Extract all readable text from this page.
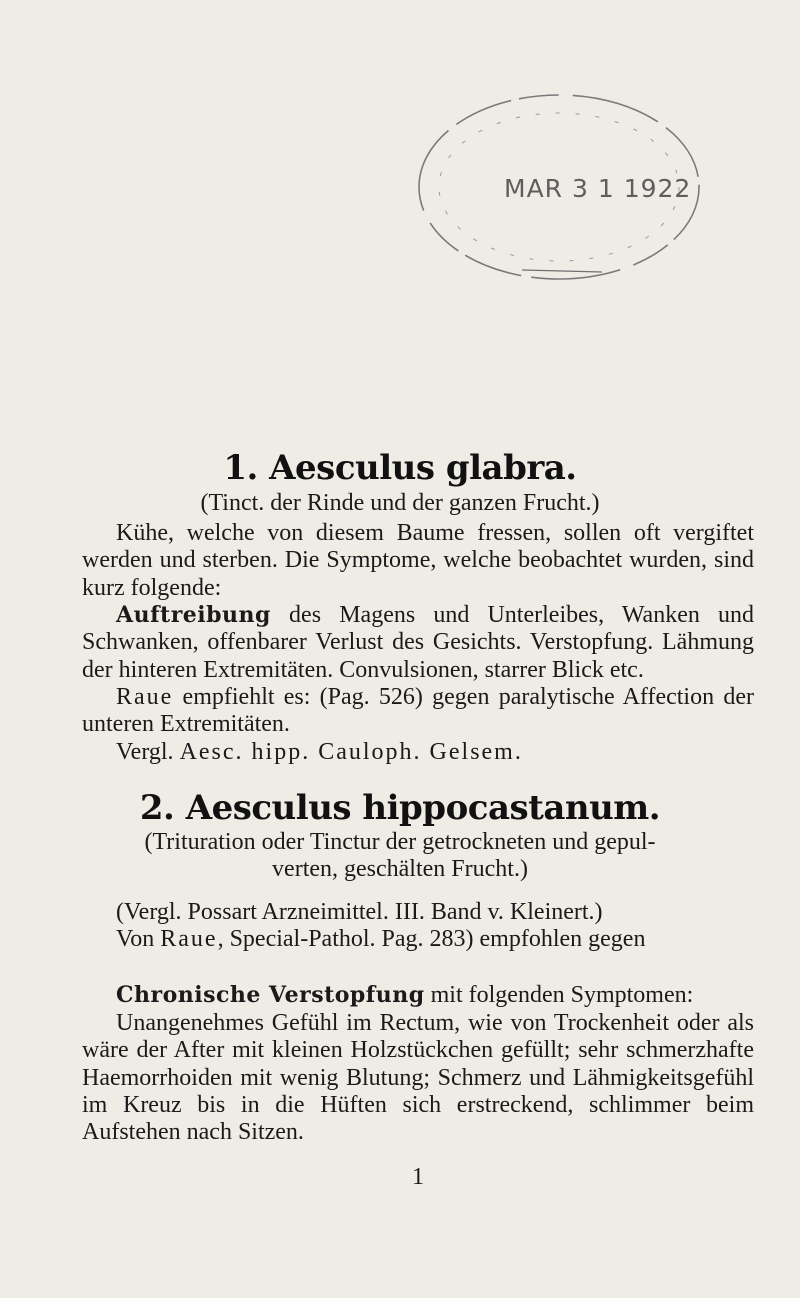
MAR 3 1 1922
1. Aesculus glabra.
(Tinct. der Rinde und der ganzen Frucht.)
Kühe, welche von diesem Baume fressen, sollen oft vergiftet werden und sterben. Die Symptome, welche beobachtet wurden, sind kurz folgende:
Auftreibung des Magens und Unterleibes, Wanken und Schwanken, offenbarer Verlust des Gesichts. Verstopfung. Lähmung der hinteren Extremitäten. Convulsionen, starrer Blick etc.
Raue empfiehlt es: (Pag. 526) gegen paralytische Affection der unteren Extremitäten.
Vergl. Aesc. hipp. Cauloph. Gelsem.
2. Aesculus hippocastanum.
(Trituration oder Tinctur der getrockneten und gepul-
verten, geschälten Frucht.)
(Vergl. Possart Arzneimittel. III. Band v. Kleinert.)
Von Raue, Special-Pathol. Pag. 283) empfohlen gegen
Chronische Verstopfung mit folgenden Symptomen:
Unangenehmes Gefühl im Rectum, wie von Trockenheit oder als wäre der After mit kleinen Holzstückchen gefüllt; sehr schmerzhafte Haemorrhoiden mit wenig Blutung; Schmerz und Lähmigkeitsgefühl im Kreuz bis in die Hüften sich erstreckend, schlimmer beim Aufstehen nach Sitzen.
1
